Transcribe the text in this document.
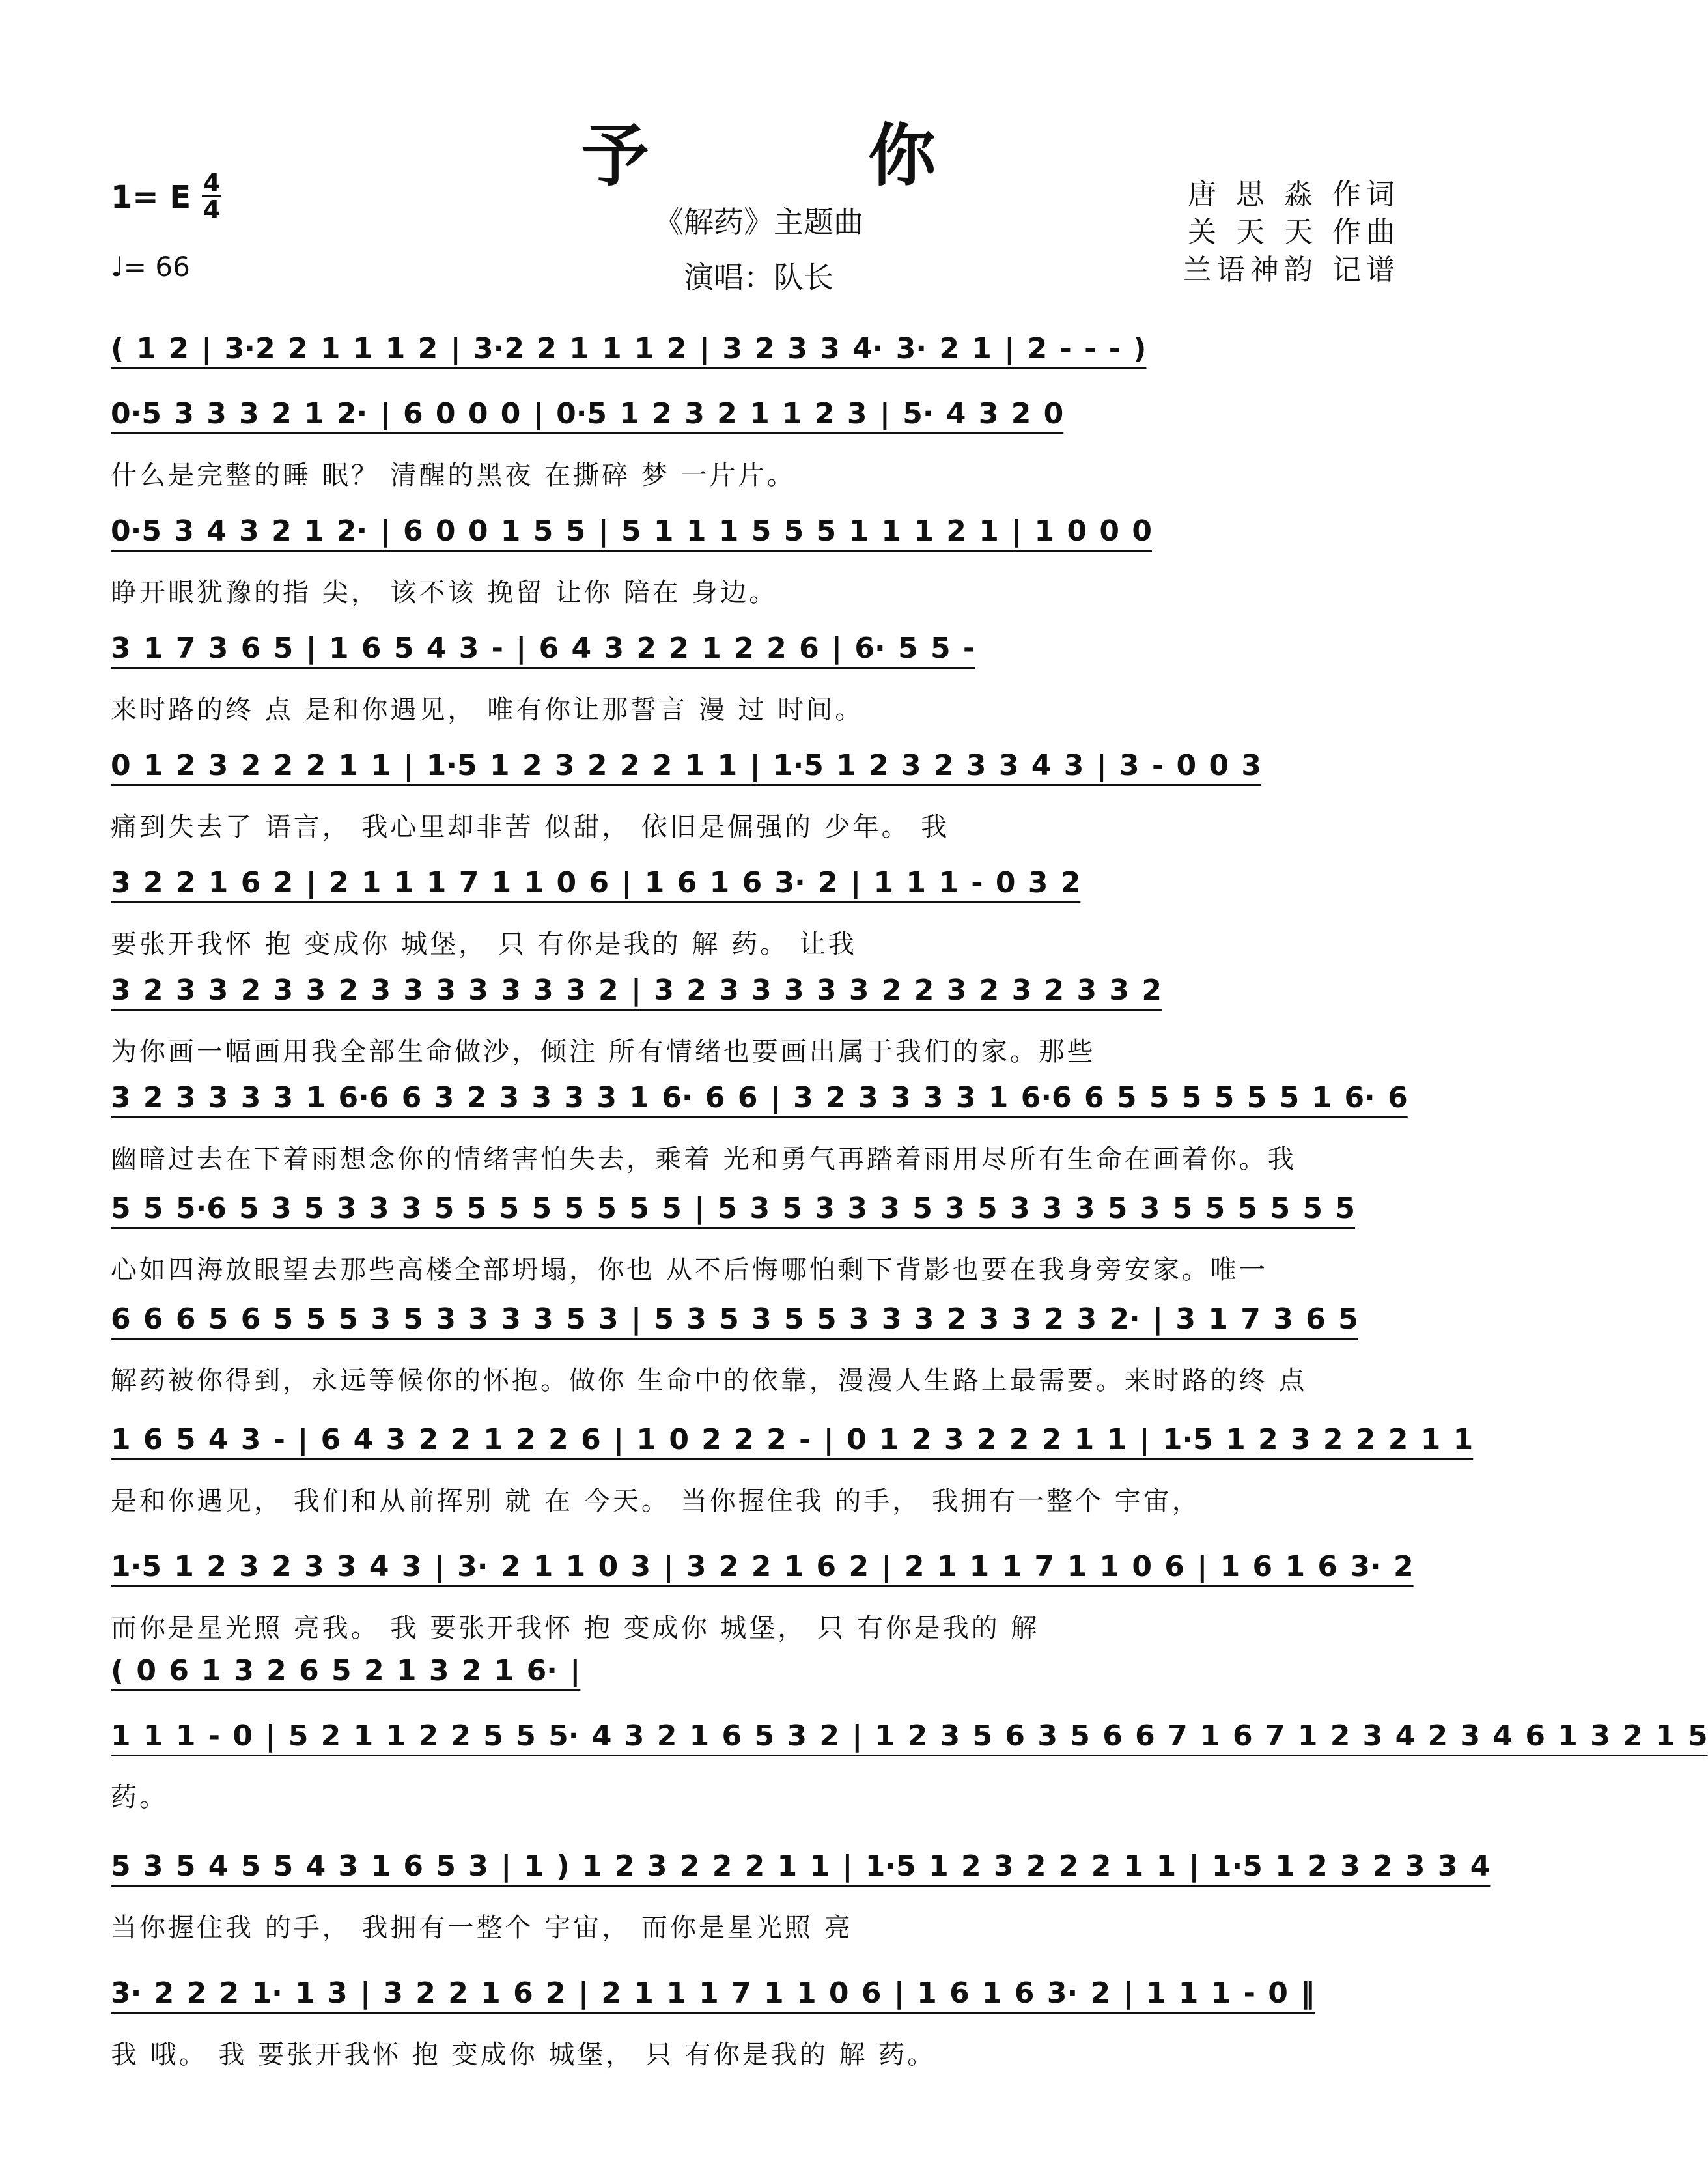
予 你
《解药》主题曲
演唱：队长
1= E 4
4
♩= 66
唐 思 淼 作词
关 天 天 作曲
兰语神韵 记谱
( 1 2 | 3·2 2 1 1 1 2 | 3·2 2 1 1 1 2 | 3 2 3 3 4· 3· 2 1 | 2 - - - )
0·5 3 3 3 2 1 2· | 6 0 0 0 | 0·5 1 2 3 2 1 1 2 3 | 5· 4 3 2 0
什么是完整的睡 眠？ 清醒的黑夜 在撕碎 梦 一片片。
0·5 3 4 3 2 1 2· | 6 0 0 1 5 5 | 5 1 1 1 5 5 5 1 1 1 2 1 | 1 0 0 0
睁开眼犹豫的指 尖， 该不该 挽留 让你 陪在 身边。
3 1 7 3 6 5 | 1 6 5 4 3 - | 6 4 3 2 2 1 2 2 6 | 6· 5 5 -
来时路的终 点 是和你遇见， 唯有你让那誓言 漫 过 时间。
0 1 2 3 2 2 2 1 1 | 1·5 1 2 3 2 2 2 1 1 | 1·5 1 2 3 2 3 3 4 3 | 3 - 0 0 3
痛到失去了 语言， 我心里却非苦 似甜， 依旧是倔强的 少年。 我
3 2 2 1 6 2 | 2 1 1 1 7 1 1 0 6 | 1 6 1 6 3· 2 | 1 1 1 - 0 3 2
要张开我怀 抱 变成你 城堡， 只 有你是我的 解 药。 让我
3 2 3 3 2 3 3 2 3 3 3 3 3 3 3 2 | 3 2 3 3 3 3 3 2 2 3 2 3 2 3 3 2
为你画一幅画用我全部生命做沙，倾注 所有情绪也要画出属于我们的家。那些
3 2 3 3 3 3 1 6·6 6 3 2 3 3 3 3 1 6· 6 6 | 3 2 3 3 3 3 1 6·6 6 5 5 5 5 5 5 1 6· 6
幽暗过去在下着雨想念你的情绪害怕失去，乘着 光和勇气再踏着雨用尽所有生命在画着你。我
5 5 5·6 5 3 5 3 3 3 5 5 5 5 5 5 5 5 | 5 3 5 3 3 3 5 3 5 3 3 3 5 3 5 5 5 5 5 5
心如四海放眼望去那些高楼全部坍塌，你也 从不后悔哪怕剩下背影也要在我身旁安家。唯一
6 6 6 5 6 5 5 5 3 5 3 3 3 3 5 3 | 5 3 5 3 5 5 3 3 3 2 3 3 2 3 2· | 3 1 7 3 6 5
解药被你得到，永远等候你的怀抱。做你 生命中的依靠，漫漫人生路上最需要。来时路的终 点
1 6 5 4 3 - | 6 4 3 2 2 1 2 2 6 | 1 0 2 2 2 - | 0 1 2 3 2 2 2 1 1 | 1·5 1 2 3 2 2 2 1 1
是和你遇见， 我们和从前挥别 就 在 今天。 当你握住我 的手， 我拥有一整个 宇宙，
1·5 1 2 3 2 3 3 4 3 | 3· 2 1 1 0 3 | 3 2 2 1 6 2 | 2 1 1 1 7 1 1 0 6 | 1 6 1 6 3· 2
而你是星光照 亮我。 我 要张开我怀 抱 变成你 城堡， 只 有你是我的 解
( 0 6 1 3 2 6 5 2 1 3 2 1 6· |
1 1 1 - 0 | 5 2 1 1 2 2 5 5 5· 4 3 2 1 6 5 3 2 | 1 2 3 5 6 3 5 6 6 7 1 6 7 1 2 3 4 2 3 4 6 1 3 2 1 5
药。
5 3 5 4 5 5 4 3 1 6 5 3 | 1 ) 1 2 3 2 2 2 1 1 | 1·5 1 2 3 2 2 2 1 1 | 1·5 1 2 3 2 3 3 4
当你握住我 的手， 我拥有一整个 宇宙， 而你是星光照 亮
3· 2 2 2 1· 1 3 | 3 2 2 1 6 2 | 2 1 1 1 7 1 1 0 6 | 1 6 1 6 3· 2 | 1 1 1 - 0 ‖
我 哦。 我 要张开我怀 抱 变成你 城堡， 只 有你是我的 解 药。
